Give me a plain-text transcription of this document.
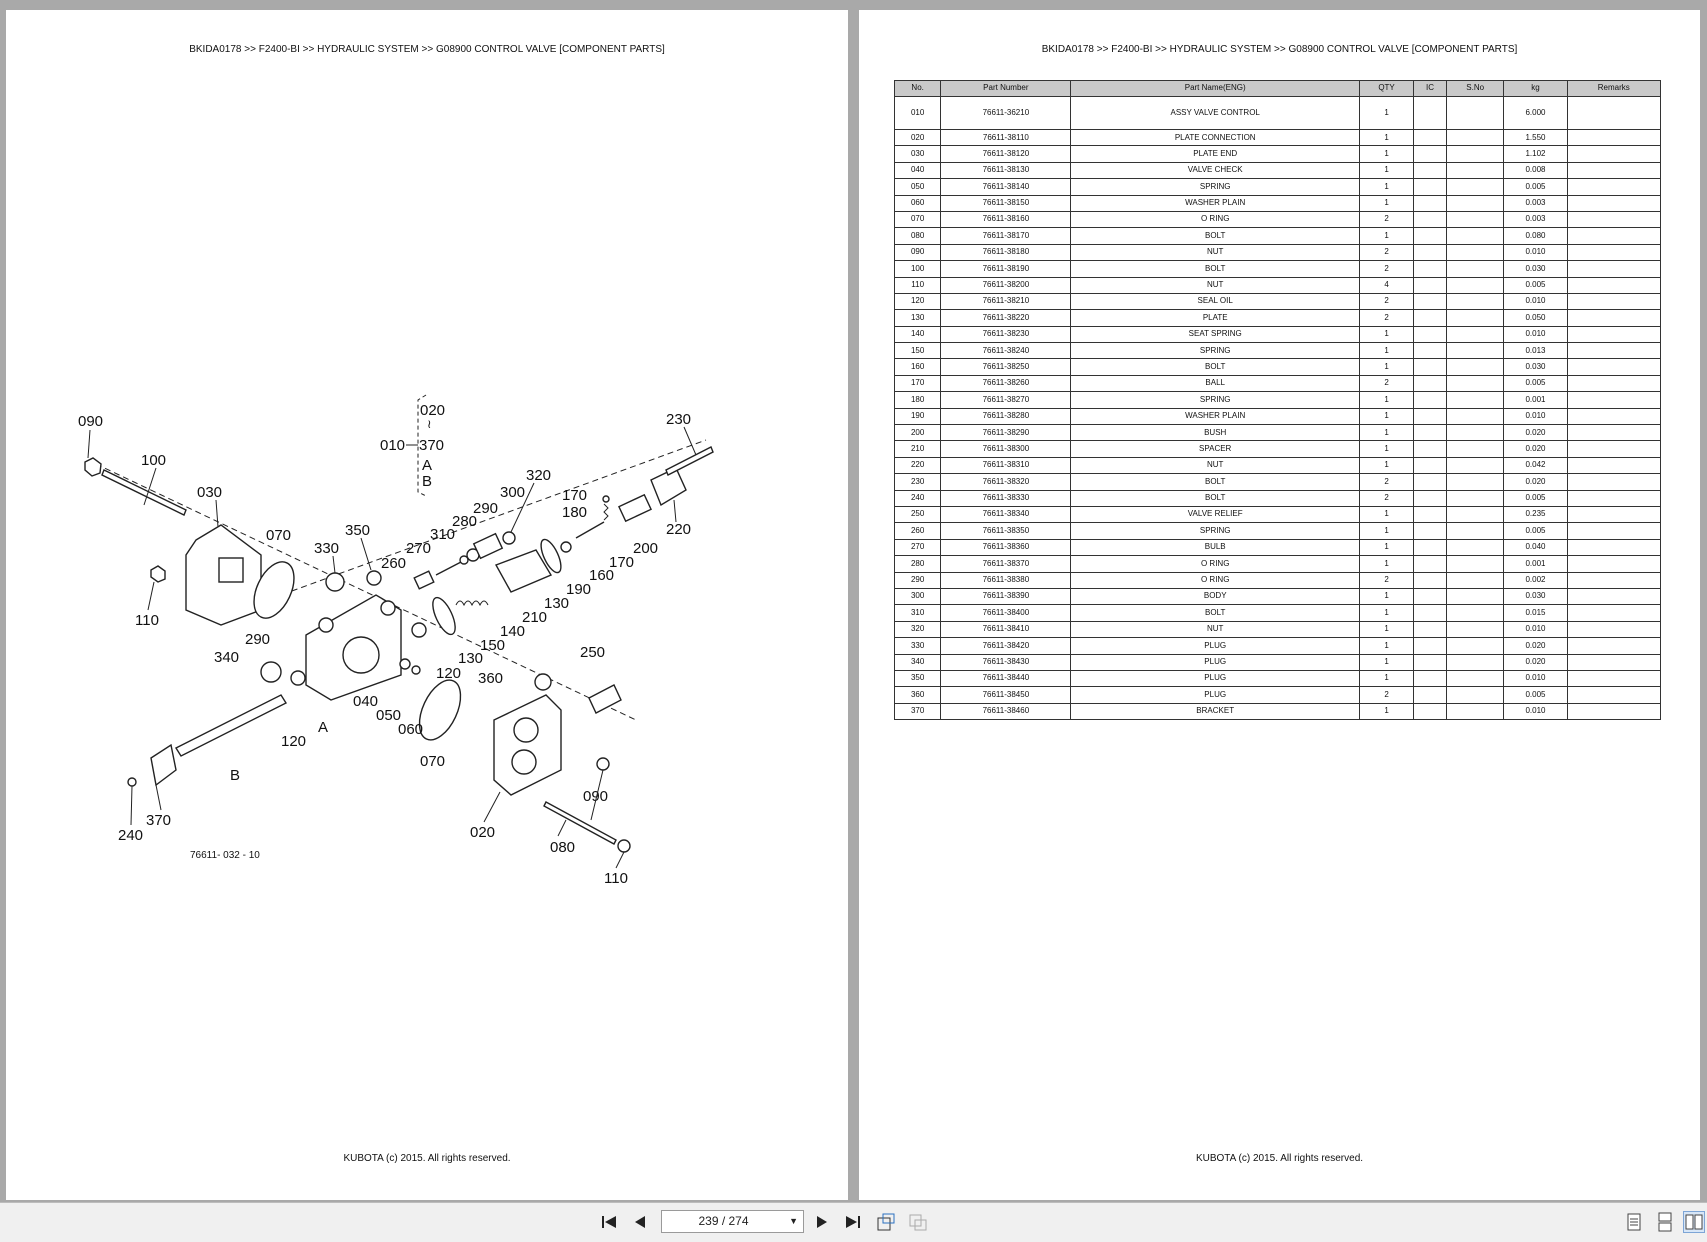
BKIDA0178 >> F2400-BI >> HYDRAULIC SYSTEM >> G08900 CONTROL VALVE [COMPONENT PARTS]
020
≀
010 370
A
B
090
100
030
070
330
350
260
270
310
280
290
300
320
170
180
230
220
200
170
160
190
130
210
140
150
130
120
110
290
340
360
250
040
050
060
A
120
B
070
090
370
240	020
080
110
76611- 032 - 10
KUBOTA (c) 2015. All rights reserved.
BKIDA0178 >> F2400-BI >> HYDRAULIC SYSTEM >> G08900 CONTROL VALVE [COMPONENT PARTS]
No.	Part Number	Part Name(ENG)	QTY	IC	S.No	kg	Remarks
010	76611-36210	ASSY VALVE CONTROL	1			6.000	
020	76611-38110	PLATE CONNECTION	1			1.550	
030	76611-38120	PLATE END	1			1.102	
040	76611-38130	VALVE CHECK	1			0.008	
050	76611-38140	SPRING	1			0.005	
060	76611-38150	WASHER PLAIN	1			0.003	
070	76611-38160	O RING	2			0.003	
080	76611-38170	BOLT	1			0.080	
090	76611-38180	NUT	2			0.010	
100	76611-38190	BOLT	2			0.030	
110	76611-38200	NUT	4			0.005	
120	76611-38210	SEAL OIL	2			0.010	
130	76611-38220	PLATE	2			0.050	
140	76611-38230	SEAT SPRING	1			0.010	
150	76611-38240	SPRING	1			0.013	
160	76611-38250	BOLT	1			0.030	
170	76611-38260	BALL	2			0.005	
180	76611-38270	SPRING	1			0.001	
190	76611-38280	WASHER PLAIN	1			0.010	
200	76611-38290	BUSH	1			0.020	
210	76611-38300	SPACER	1			0.020	
220	76611-38310	NUT	1			0.042	
230	76611-38320	BOLT	2			0.020	
240	76611-38330	BOLT	2			0.005	
250	76611-38340	VALVE RELIEF	1			0.235	
260	76611-38350	SPRING	1			0.005	
270	76611-38360	BULB	1			0.040	
280	76611-38370	O RING	1			0.001	
290	76611-38380	O RING	2			0.002	
300	76611-38390	BODY	1			0.030	
310	76611-38400	BOLT	1			0.015	
320	76611-38410	NUT	1			0.010	
330	76611-38420	PLUG	1			0.020	
340	76611-38430	PLUG	1			0.020	
350	76611-38440	PLUG	1			0.010	
360	76611-38450	PLUG	2			0.005	
370	76611-38460	BRACKET	1			0.010	
KUBOTA (c) 2015. All rights reserved.
239 / 274	▼
